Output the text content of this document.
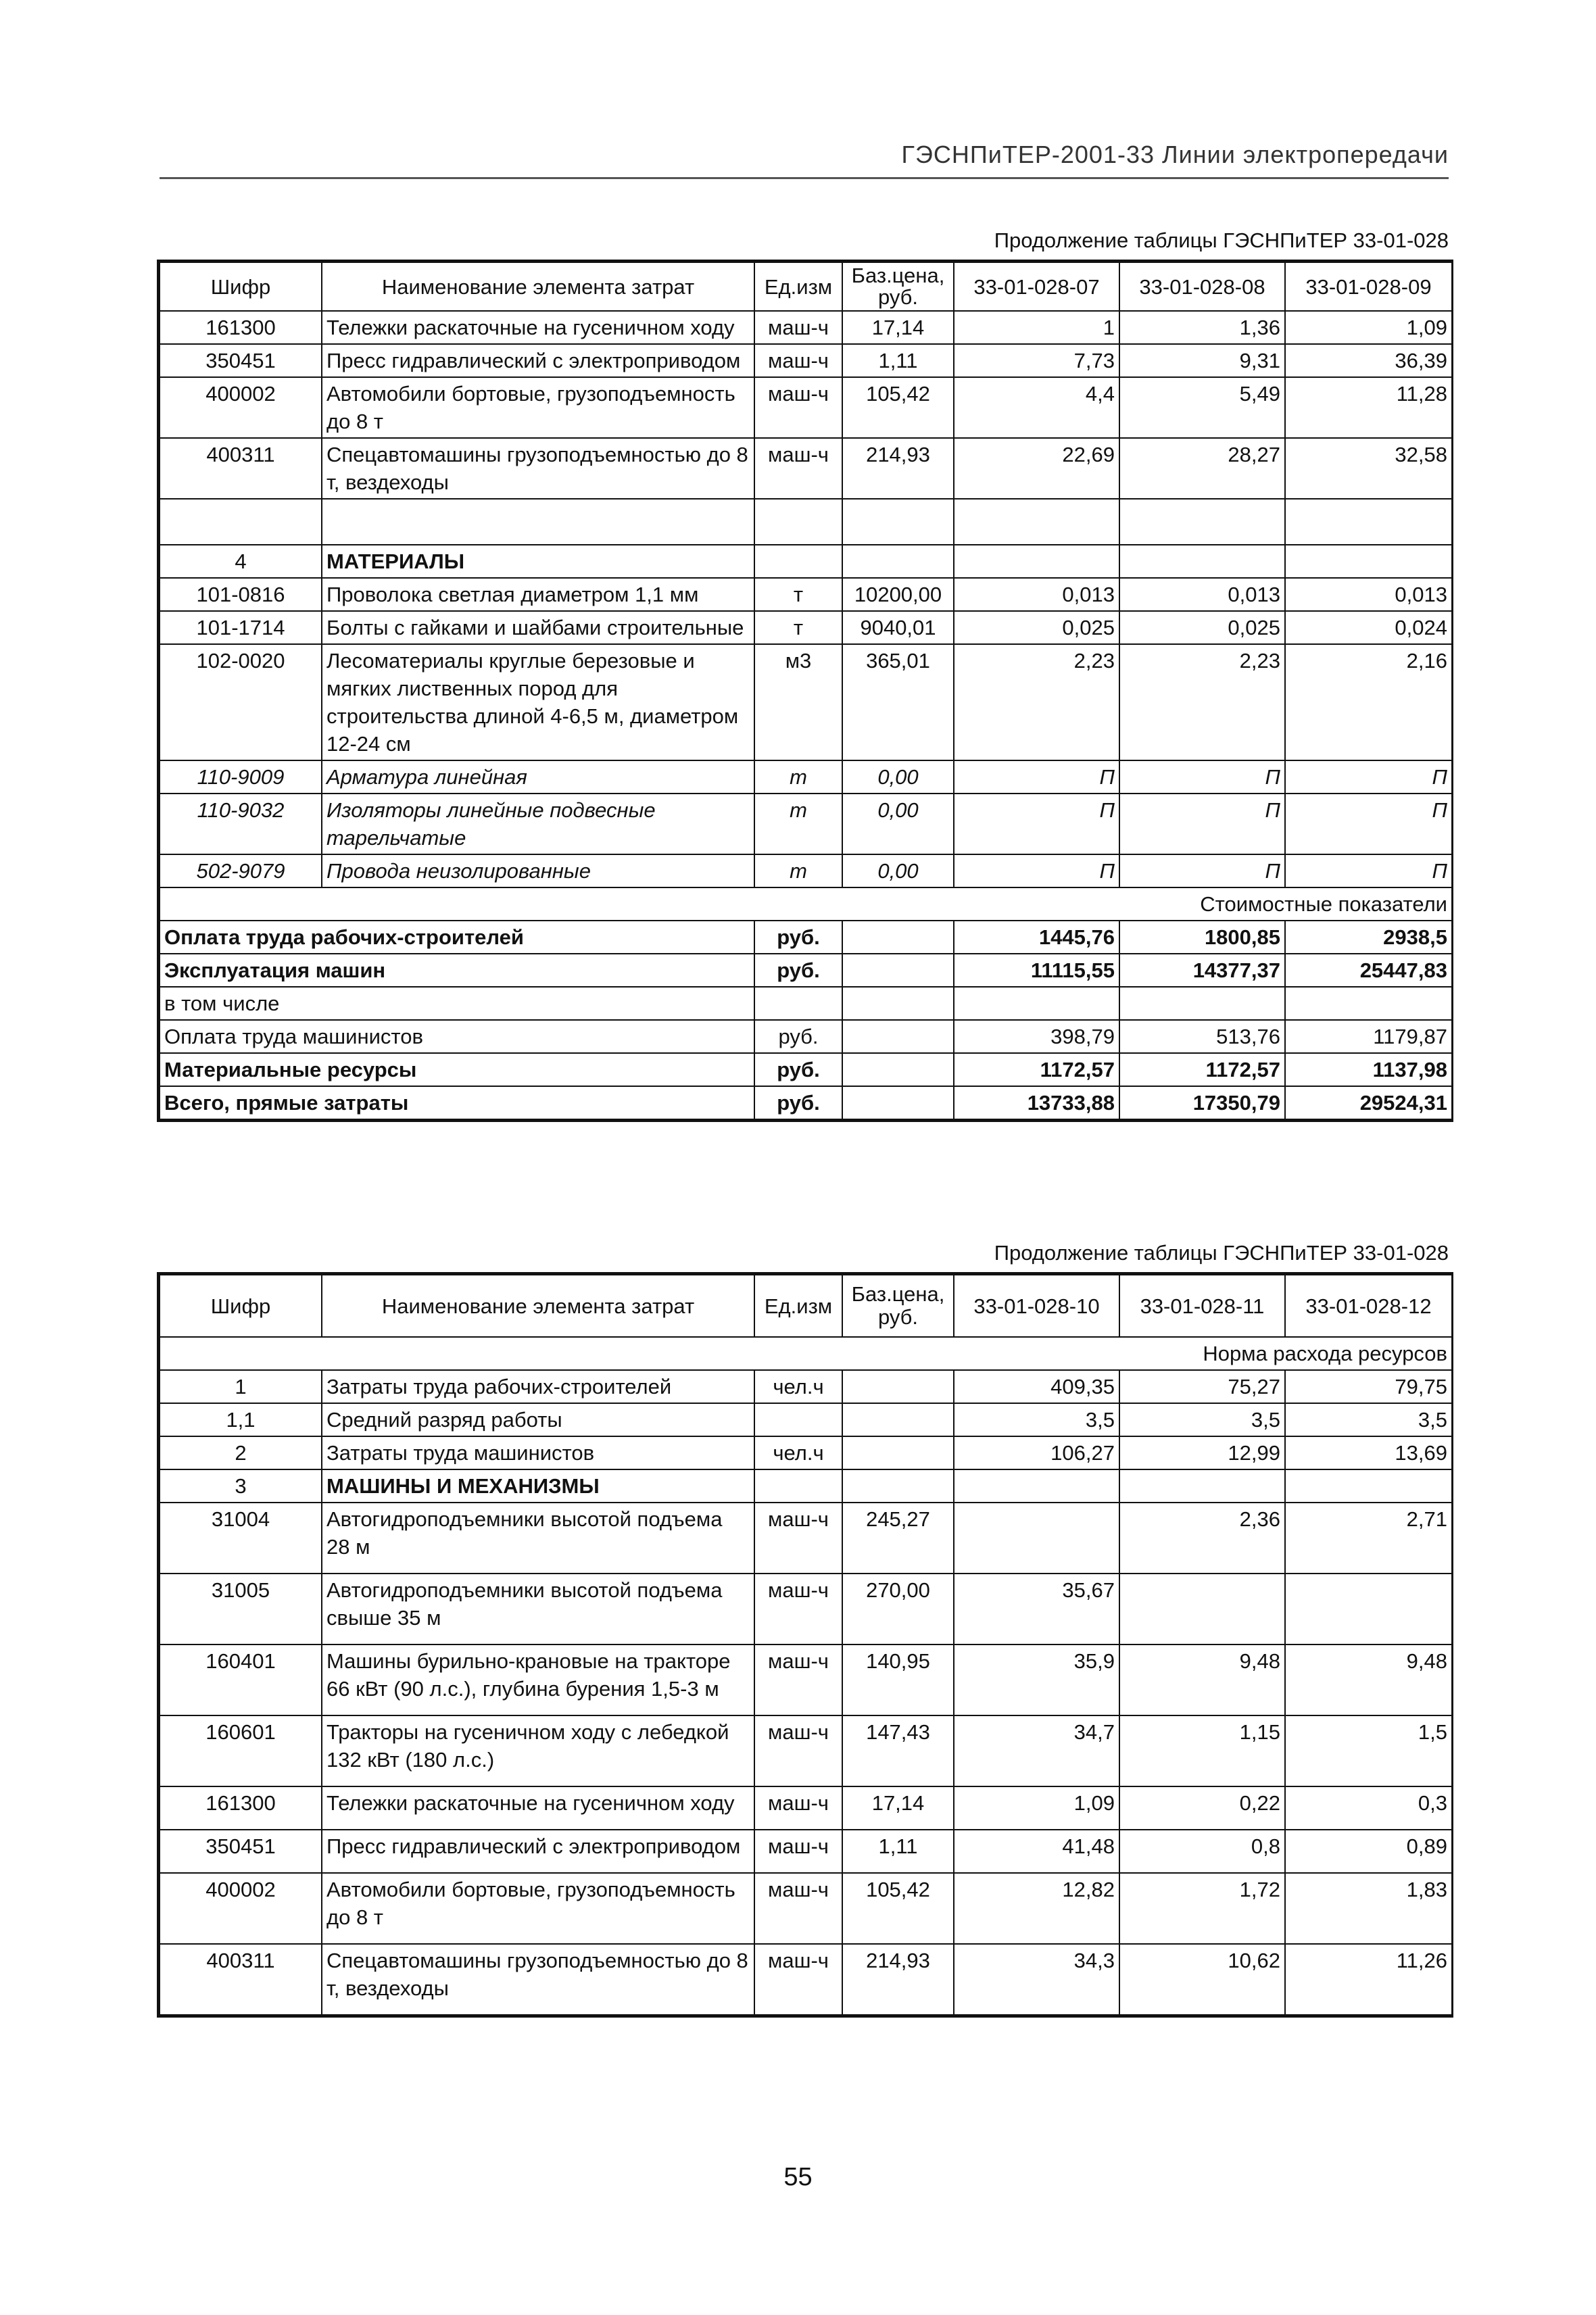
ГЭСНПиТЕР-2001-33 Линии электропередачи
Продолжение таблицы ГЭСНПиТЕР 33-01-028
Шифр	Наименование элемента затрат	Ед.изм	Баз.цена, руб.	33-01-028-07	33-01-028-08	33-01-028-09
161300	Тележки раскаточные на гусеничном ходу	маш-ч	17,14	1	1,36	1,09
350451	Пресс гидравлический с электроприводом	маш-ч	1,11	7,73	9,31	36,39
400002	Автомобили бортовые, грузоподъемность до 8 т	маш-ч	105,42	4,4	5,49	11,28
400311	Спецавтомашины грузоподъемностью до 8 т, вездеходы	маш-ч	214,93	22,69	28,27	32,58

4	МАТЕРИАЛЫ					
101-0816	Проволока светлая диаметром 1,1 мм	т	10200,00	0,013	0,013	0,013
101-1714	Болты с гайками и шайбами строительные	т	9040,01	0,025	0,025	0,024
102-0020	Лесоматериалы круглые березовые и мягких лиственных пород для строительства длиной 4-6,5 м, диаметром 12-24 см	м3	365,01	2,23	2,23	2,16
110-9009	Арматура линейная	т	0,00	П	П	П
110-9032	Изоляторы линейные подвесные тарельчатые	т	0,00	П	П	П
502-9079	Провода неизолированные	т	0,00	П	П	П
Стоимостные показатели						
Оплата труда рабочих-строителей		руб.		1445,76	1800,85	2938,5
Эксплуатация машин		руб.		11115,55	14377,37	25447,83
в том числе						
Оплата труда машинистов		руб.		398,79	513,76	1179,87
Материальные ресурсы		руб.		1172,57	1172,57	1137,98
Всего, прямые затраты		руб.		13733,88	17350,79	29524,31
Продолжение таблицы ГЭСНПиТЕР 33-01-028
Шифр	Наименование элемента затрат	Ед.изм	Баз.цена, руб.	33-01-028-10	33-01-028-11	33-01-028-12
Норма расхода ресурсов						
1	Затраты труда рабочих-строителей	чел.ч		409,35	75,27	79,75
1,1	Средний разряд работы			3,5	3,5	3,5
2	Затраты труда машинистов	чел.ч		106,27	12,99	13,69
3	МАШИНЫ И МЕХАНИЗМЫ					
31004	Автогидроподъемники высотой подъема 28 м	маш-ч	245,27		2,36	2,71
31005	Автогидроподъемники высотой подъема свыше 35 м	маш-ч	270,00	35,67		
160401	Машины бурильно-крановые на тракторе 66 кВт (90 л.с.), глубина бурения 1,5-3 м	маш-ч	140,95	35,9	9,48	9,48
160601	Тракторы на гусеничном ходу с лебедкой 132 кВт (180 л.с.)	маш-ч	147,43	34,7	1,15	1,5
161300	Тележки раскаточные на гусеничном ходу	маш-ч	17,14	1,09	0,22	0,3
350451	Пресс гидравлический с электроприводом	маш-ч	1,11	41,48	0,8	0,89
400002	Автомобили бортовые, грузоподъемность до 8 т	маш-ч	105,42	12,82	1,72	1,83
400311	Спецавтомашины грузоподъемностью до 8 т, вездеходы	маш-ч	214,93	34,3	10,62	11,26
55
